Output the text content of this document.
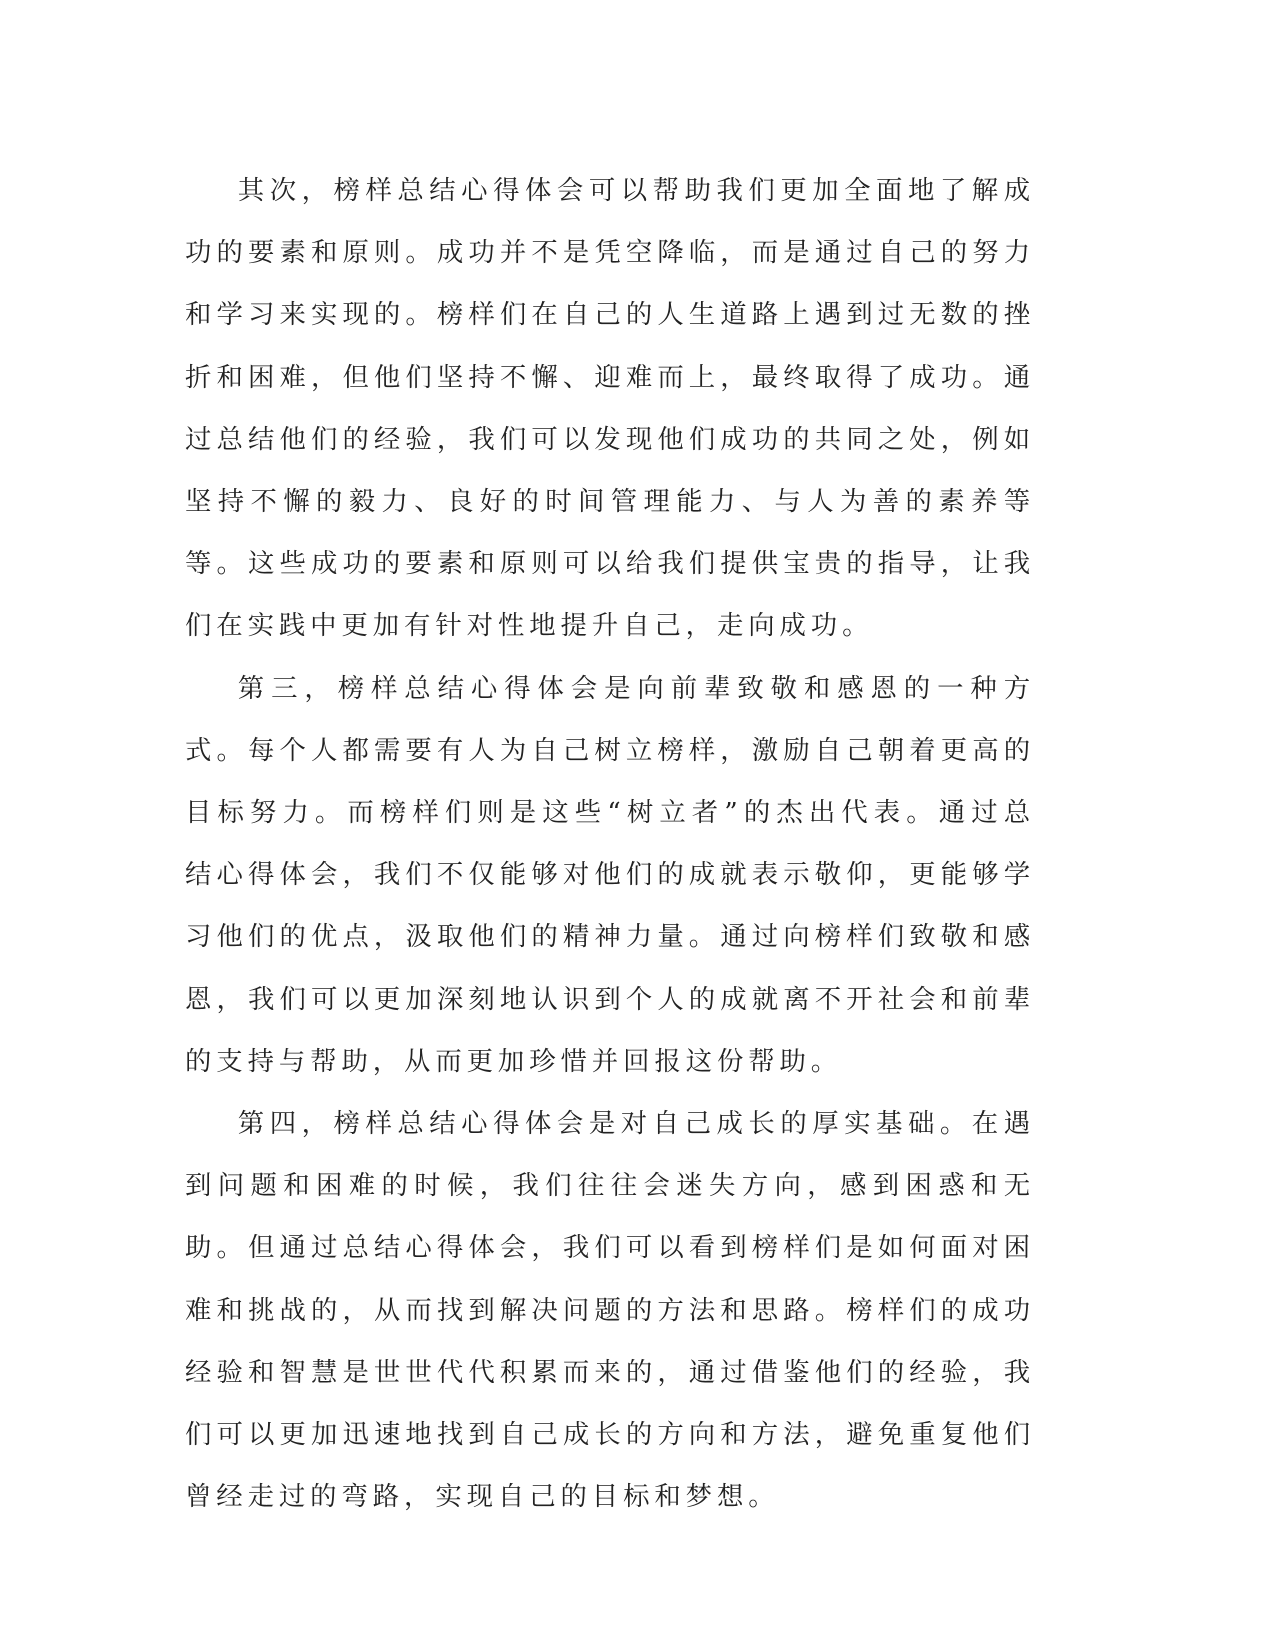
其次，榜样总结心得体会可以帮助我们更加全面地了解成功的要素和原则。成功并不是凭空降临，而是通过自己的努力和学习来实现的。榜样们在自己的人生道路上遇到过无数的挫折和困难，但他们坚持不懈、迎难而上，最终取得了成功。通过总结他们的经验，我们可以发现他们成功的共同之处，例如坚持不懈的毅力、良好的时间管理能力、与人为善的素养等等。这些成功的要素和原则可以给我们提供宝贵的指导，让我们在实践中更加有针对性地提升自己，走向成功。

第三，榜样总结心得体会是向前辈致敬和感恩的一种方式。每个人都需要有人为自己树立榜样，激励自己朝着更高的目标努力。而榜样们则是这些“树立者”的杰出代表。通过总结心得体会，我们不仅能够对他们的成就表示敬仰，更能够学习他们的优点，汲取他们的精神力量。通过向榜样们致敬和感恩，我们可以更加深刻地认识到个人的成就离不开社会和前辈的支持与帮助，从而更加珍惜并回报这份帮助。

第四，榜样总结心得体会是对自己成长的厚实基础。在遇到问题和困难的时候，我们往往会迷失方向，感到困惑和无助。但通过总结心得体会，我们可以看到榜样们是如何面对困难和挑战的，从而找到解决问题的方法和思路。榜样们的成功经验和智慧是世世代代积累而来的，通过借鉴他们的经验，我们可以更加迅速地找到自己成长的方向和方法，避免重复他们曾经走过的弯路，实现自己的目标和梦想。
